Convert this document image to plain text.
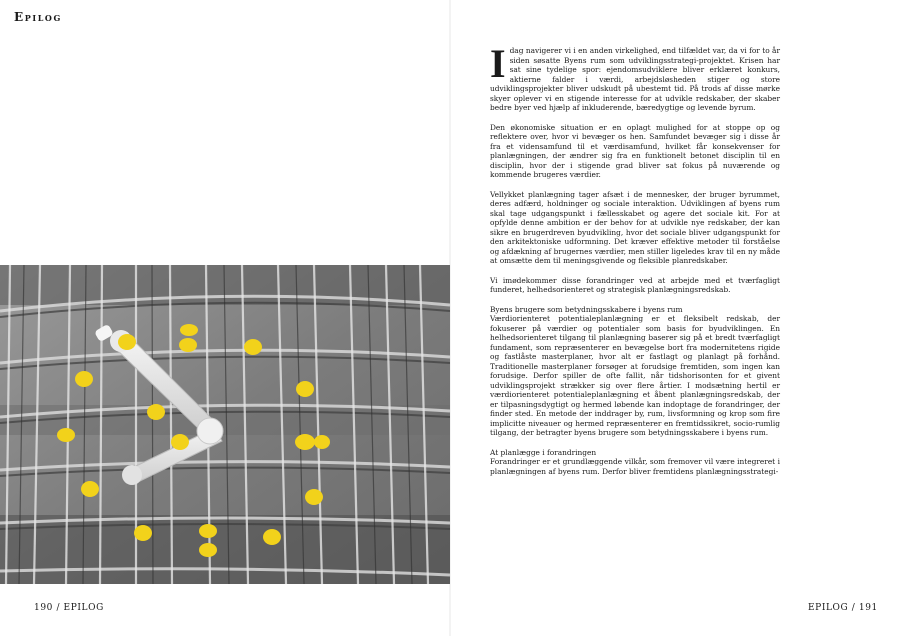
Epilog

Idag navigerer vi i en anden virkelighed, end tilfældet var, da vi for to år siden søsatte Byens rum som udviklingsstrategi-projektet. Krisen har sat sine tydelige spor: ejendomsudviklere bliver erklæret konkurs, aktierne falder i værdi, arbejdsløsheden stiger og store udviklingsprojekter bliver udskudt på ubestemt tid. På trods af disse mørke skyer oplever vi en stigende interesse for at udvikle redskaber, der skaber bedre byer ved hjælp af inkluderende, bæredygtige og levende byrum.

Den økonomiske situation er en oplagt mulighed for at stoppe op og reflektere over, hvor vi bevæger os hen. Samfundet bevæger sig i disse år fra et vidensamfund til et værdisamfund, hvilket får konsekvenser for planlægningen, der ændrer sig fra en funktionelt betonet disciplin til en disciplin, hvor der i stigende grad bliver sat fokus på nuværende og kommende brugeres værdier.

Vellykket planlægning tager afsæt i de mennesker, der bruger byrummet, deres adfærd, holdninger og sociale interaktion. Udviklingen af byens rum skal tage udgangspunkt i fællesskabet og agere det sociale kit. For at opfylde denne ambition er der behov for at udvikle nye redskaber, der kan sikre en brugerdreven byudvikling, hvor det sociale bliver udgangspunkt for den arkitektoniske udformning. Det kræver effektive metoder til forståelse og afdækning af brugernes værdier, men stiller ligeledes krav til en ny måde at omsætte dem til meningsgivende og fleksible planredskaber.

Vi imødekommer disse forandringer ved at arbejde med et tværfagligt funderet, helhedsorienteret og strategisk planlægningsredskab.

Byens brugere som betydningsskabere i byens rum
Værdiorienteret potentialeplanlægning er et fleksibelt redskab, der fokuserer på værdier og potentialer som basis for byudviklingen. En helhedsorienteret tilgang til planlægning baserer sig på et bredt tværfagligt fundament, som repræsenterer en bevægelse bort fra modernitetens rigide og fastlåste masterplaner, hvor alt er fastlagt og planlagt på forhånd. Traditionelle masterplaner forsøger at forudsige fremtiden, som ingen kan forudsige. Derfor spiller de ofte fallit, når tidshorisonten for et givent udviklingsprojekt strækker sig over flere årtier. I modsætning hertil er værdiorienteret potentialeplanlægning et åbent planlægningsredskab, der er tilpasningsdygtigt og hermed løbende kan indoptage de forandringer, der finder sted. En metode der inddrager by, rum, livsformning og krop som fire implicitte niveauer og hermed repræsenterer en fremtidssikret, socio-rumlig tilgang, der betragter byens brugere som betydningsskabere i byens rum.

At planlægge i forandringen
Forandringer er et grundlæggende vilkår, som fremover vil være integreret i planlægningen af byens rum. Derfor bliver fremtidens planlægningsstrategi-

190 / EPILOG	EPILOG / 191
